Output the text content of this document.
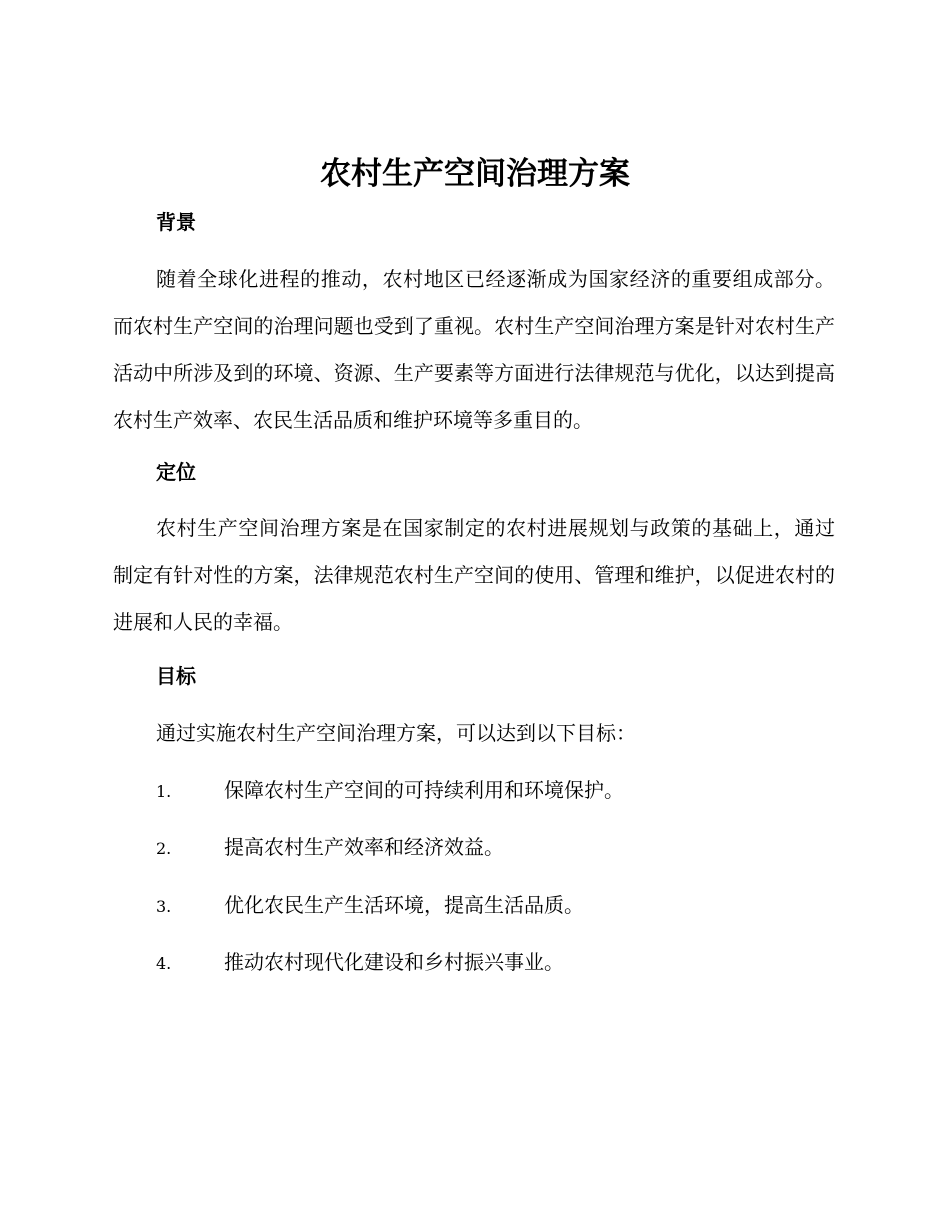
农村生产空间治理方案
背景

随着全球化进程的推动，农村地区已经逐渐成为国家经济的重要组成部分。而农村生产空间的治理问题也受到了重视。农村生产空间治理方案是针对农村生产活动中所涉及到的环境、资源、生产要素等方面进行法律规范与优化，以达到提高农村生产效率、农民生活品质和维护环境等多重目的。

定位

农村生产空间治理方案是在国家制定的农村进展规划与政策的基础上，通过制定有针对性的方案，法律规范农村生产空间的使用、管理和维护，以促进农村的进展和人民的幸福。

目标

通过实施农村生产空间治理方案，可以达到以下目标：

1.	保障农村生产空间的可持续利用和环境保护。
2.	提高农村生产效率和经济效益。
3.	优化农民生产生活环境，提高生活品质。
4.	推动农村现代化建设和乡村振兴事业。
